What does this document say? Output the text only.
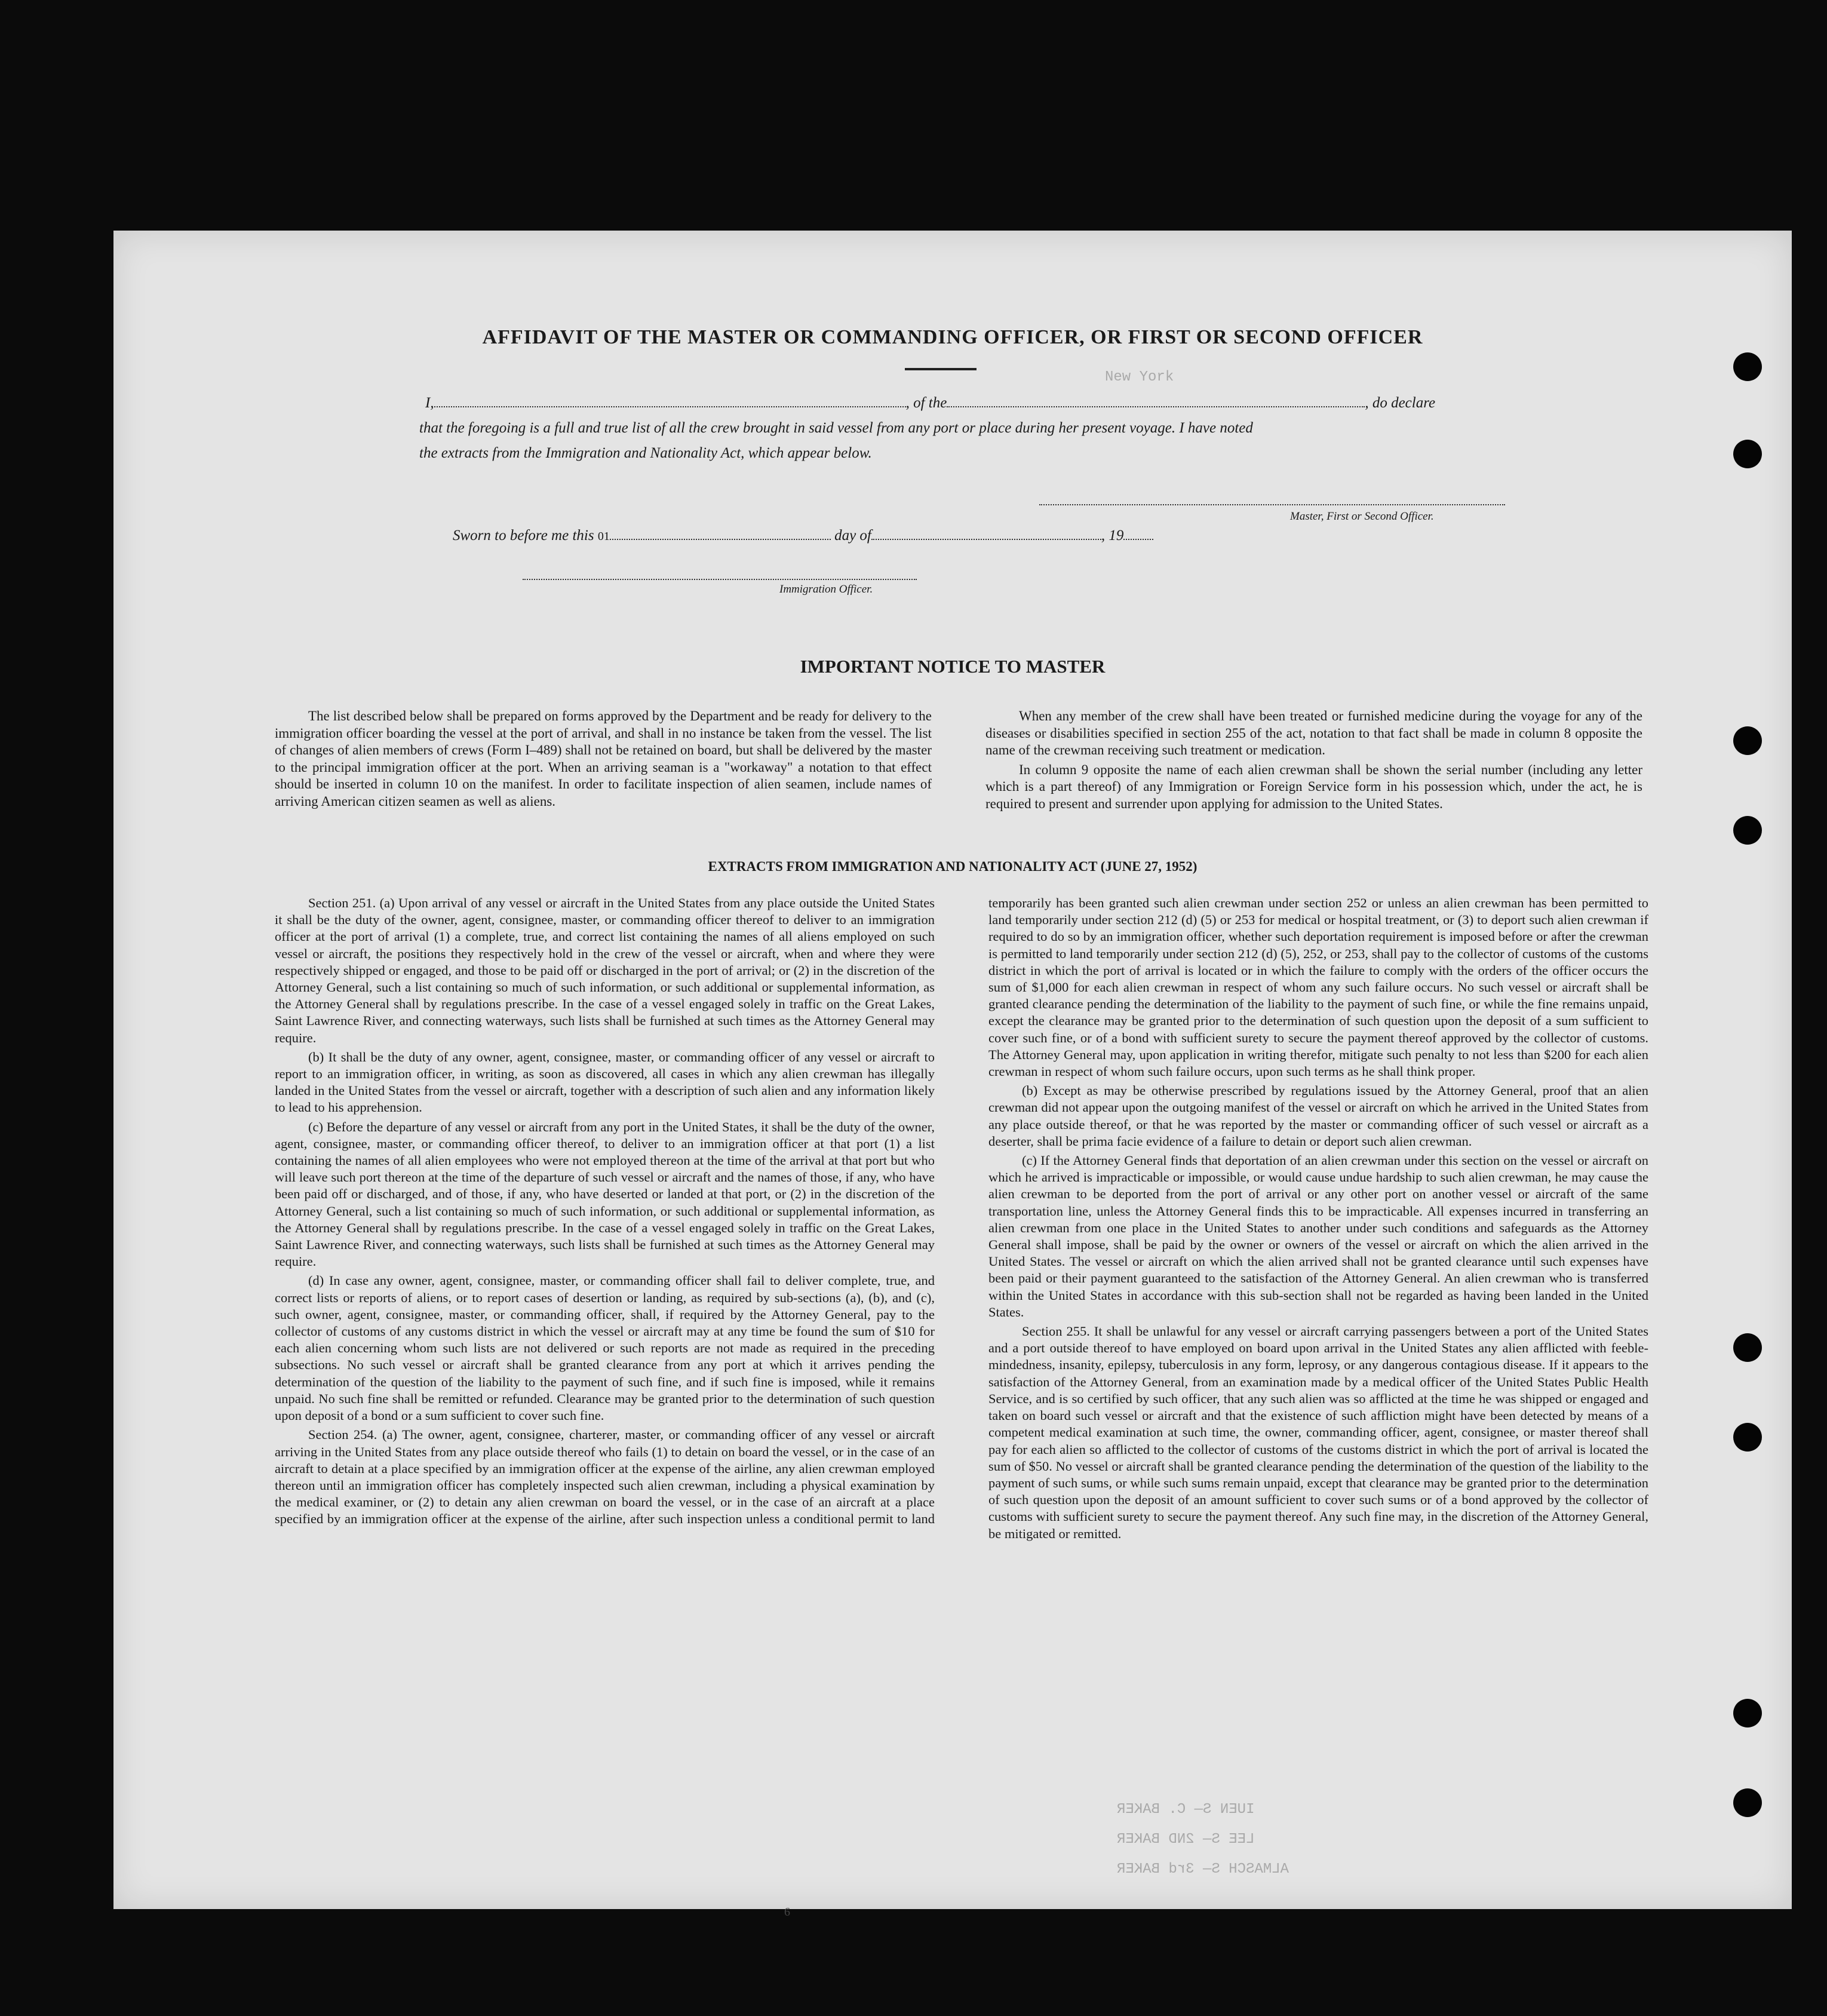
AFFIDAVIT OF THE MASTER OR COMMANDING OFFICER, OR FIRST OR SECOND OFFICER
New York
I,	, of the	, do declare
that the foregoing is a full and true list of all the crew brought in said vessel from any port or place during her present voyage. I have noted
the extracts from the Immigration and Nationality Act, which appear below.
Master, First or Second Officer.
Sworn to before me this 01	day of	, 19
Immigration Officer.
IMPORTANT NOTICE TO MASTER

The list described below shall be prepared on forms approved by the Department and be ready for delivery to the immigration officer boarding the vessel at the port of arrival, and shall in no instance be taken from the vessel. The list of changes of alien members of crews (Form I–489) shall not be retained on board, but shall be delivered by the master to the principal immigration officer at the port. When an arriving seaman is a "workaway" a notation to that effect should be inserted in column 10 on the manifest. In order to facilitate inspection of alien seamen, include names of arriving American citizen seamen as well as aliens.

When any member of the crew shall have been treated or furnished medicine during the voyage for any of the diseases or disabilities specified in section 255 of the act, notation to that fact shall be made in column 8 opposite the name of the crewman receiving such treatment or medication.

In column 9 opposite the name of each alien crewman shall be shown the serial number (including any letter which is a part thereof) of any Immigration or Foreign Service form in his possession which, under the act, he is required to present and surrender upon applying for admission to the United States.

EXTRACTS FROM IMMIGRATION AND NATIONALITY ACT (JUNE 27, 1952)

Section 251. (a) Upon arrival of any vessel or aircraft in the United States from any place outside the United States it shall be the duty of the owner, agent, consignee, master, or commanding officer thereof to deliver to an immigration officer at the port of arrival (1) a complete, true, and correct list containing the names of all aliens employed on such vessel or aircraft, the positions they respectively hold in the crew of the vessel or aircraft, when and where they were respectively shipped or engaged, and those to be paid off or discharged in the port of arrival; or (2) in the discretion of the Attorney General, such a list containing so much of such information, or such additional or supplemental information, as the Attorney General shall by regulations prescribe. In the case of a vessel engaged solely in traffic on the Great Lakes, Saint Lawrence River, and connecting waterways, such lists shall be furnished at such times as the Attorney General may require.

(b) It shall be the duty of any owner, agent, consignee, master, or commanding officer of any vessel or aircraft to report to an immigration officer, in writing, as soon as discovered, all cases in which any alien crewman has illegally landed in the United States from the vessel or aircraft, together with a description of such alien and any information likely to lead to his apprehension.

(c) Before the departure of any vessel or aircraft from any port in the United States, it shall be the duty of the owner, agent, consignee, master, or commanding officer thereof, to deliver to an immigration officer at that port (1) a list containing the names of all alien employees who were not employed thereon at the time of the arrival at that port but who will leave such port thereon at the time of the departure of such vessel or aircraft and the names of those, if any, who have been paid off or discharged, and of those, if any, who have deserted or landed at that port, or (2) in the discretion of the Attorney General, such a list containing so much of such information, or such additional or supplemental information, as the Attorney General shall by regulations prescribe. In the case of a vessel engaged solely in traffic on the Great Lakes, Saint Lawrence River, and connecting waterways, such lists shall be furnished at such times as the Attorney General may require.

(d) In case any owner, agent, consignee, master, or commanding officer shall fail to deliver complete, true, and correct lists or reports of aliens, or to report cases of desertion or landing, as required by sub-sections (a), (b), and (c), such owner, agent, consignee, master, or commanding officer, shall, if required by the Attorney General, pay to the collector of customs of any customs district in which the vessel or aircraft may at any time be found the sum of $10 for each alien concerning whom such lists are not delivered or such reports are not made as required in the preceding subsections. No such vessel or aircraft shall be granted clearance from any port at which it arrives pending the determination of the question of the liability to the payment of such fine, and if such fine is imposed, while it remains unpaid. No such fine shall be remitted or refunded. Clearance may be granted prior to the determination of such question upon deposit of a bond or a sum sufficient to cover such fine.

Section 254. (a) The owner, agent, consignee, charterer, master, or commanding officer of any vessel or aircraft arriving in the United States from any place outside thereof who fails (1) to detain on board the vessel, or in the case of an aircraft to detain at a place specified by an immigration officer at the expense of the airline, any alien crewman employed thereon until an immigration officer has completely inspected such alien crewman, including a physical examination by the medical examiner, or (2) to detain any alien crewman on board the vessel, or in the case of an aircraft at a place specified by an immigration officer at the expense of the airline, after such inspection unless a conditional permit to land temporarily has been granted such alien crewman under section 252 or unless an alien crewman has been permitted to land temporarily under section 212 (d) (5) or 253 for medical or hospital treatment, or (3) to deport such alien crewman if required to do so by an immigration officer, whether such deportation requirement is imposed before or after the crewman is permitted to land temporarily under section 212 (d) (5), 252, or 253, shall pay to the collector of customs of the customs district in which the port of arrival is located or in which the failure to comply with the orders of the officer occurs the sum of $1,000 for each alien crewman in respect of whom any such failure occurs. No such vessel or aircraft shall be granted clearance pending the determination of the liability to the payment of such fine, or while the fine remains unpaid, except the clearance may be granted prior to the determination of such question upon the deposit of a sum sufficient to cover such fine, or of a bond with sufficient surety to secure the payment thereof approved by the collector of customs. The Attorney General may, upon application in writing therefor, mitigate such penalty to not less than $200 for each alien crewman in respect of whom such failure occurs, upon such terms as he shall think proper.

(b) Except as may be otherwise prescribed by regulations issued by the Attorney General, proof that an alien crewman did not appear upon the outgoing manifest of the vessel or aircraft on which he arrived in the United States from any place outside thereof, or that he was reported by the master or commanding officer of such vessel or aircraft as a deserter, shall be prima facie evidence of a failure to detain or deport such alien crewman.

(c) If the Attorney General finds that deportation of an alien crewman under this section on the vessel or aircraft on which he arrived is impracticable or impossible, or would cause undue hardship to such alien crewman, he may cause the alien crewman to be deported from the port of arrival or any other port on another vessel or aircraft of the same transportation line, unless the Attorney General finds this to be impracticable. All expenses incurred in transferring an alien crewman from one place in the United States to another under such conditions and safeguards as the Attorney General shall impose, shall be paid by the owner or owners of the vessel or aircraft on which the alien arrived in the United States. The vessel or aircraft on which the alien arrived shall not be granted clearance until such expenses have been paid or their payment guaranteed to the satisfaction of the Attorney General. An alien crewman who is transferred within the United States in accordance with this sub-section shall not be regarded as having been landed in the United States.

Section 255. It shall be unlawful for any vessel or aircraft carrying passengers between a port of the United States and a port outside thereof to have employed on board upon arrival in the United States any alien afflicted with feeble-mindedness, insanity, epilepsy, tuberculosis in any form, leprosy, or any dangerous contagious disease. If it appears to the satisfaction of the Attorney General, from an examination made by a medical officer of the United States Public Health Service, and is so certified by such officer, that any such alien was so afflicted at the time he was shipped or engaged and taken on board such vessel or aircraft and that the existence of such affliction might have been detected by means of a competent medical examination at such time, the owner, commanding officer, agent, consignee, or master thereof shall pay for each alien so afflicted to the collector of customs of the customs district in which the port of arrival is located the sum of $50. No vessel or aircraft shall be granted clearance pending the determination of the question of the liability to the payment of such sums, or while such sums remain unpaid, except that clearance may be granted prior to the determination of such question upon the deposit of an amount sufficient to cover such sums or of a bond approved by the collector of customs with sufficient surety to secure the payment thereof. Any such fine may, in the discretion of the Attorney General, be mitigated or remitted.

IUEN S— C. BAKER
LEE S— 2ND BAKER
ALMASCH S— 3rd BAKER
6
